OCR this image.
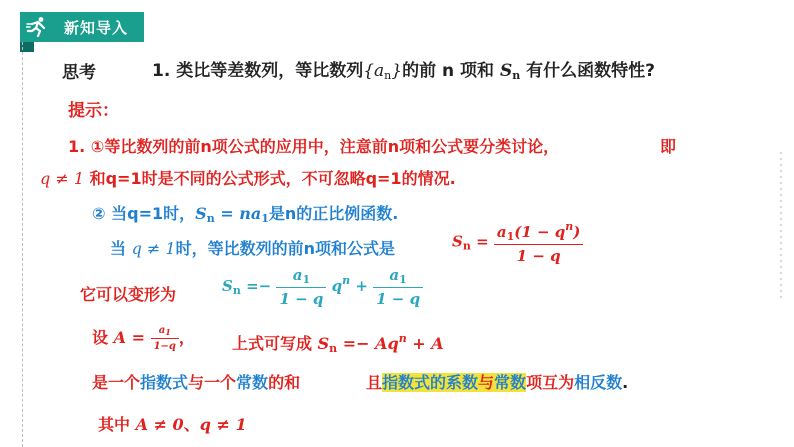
新知导入
思考	1. 类比等差数列，等比数列$\{a_n\}$的前 n 项和 $S_n$ 有什么函数特性?
提示：
1. ①等比数列的前n项公式的应用中，注意前n项和公式要分类讨论，	即
q ≠ 1 和q=1时是不同的公式形式，不可忽略q=1的情况.
② 当q=1时，$S_n = na_1$是n的正比例函数.
当 q ≠ 1时，等比数列的前n项和公式是	$S_n = \frac{a_1(1 - q^n)}{1 - q}$
它可以变形为	$S_n =- \frac{a_1}{1 - q} q^n + \frac{a_1}{1 - q}$
设 $A = \frac{a_1}{1-q}$ ， 上式可写成 $S_n =- Aq^n + A$
是一个指数式与一个常数的和	且指数式的系数与常数项互为相反数.
其中 A ≠ 0、q ≠ 1
